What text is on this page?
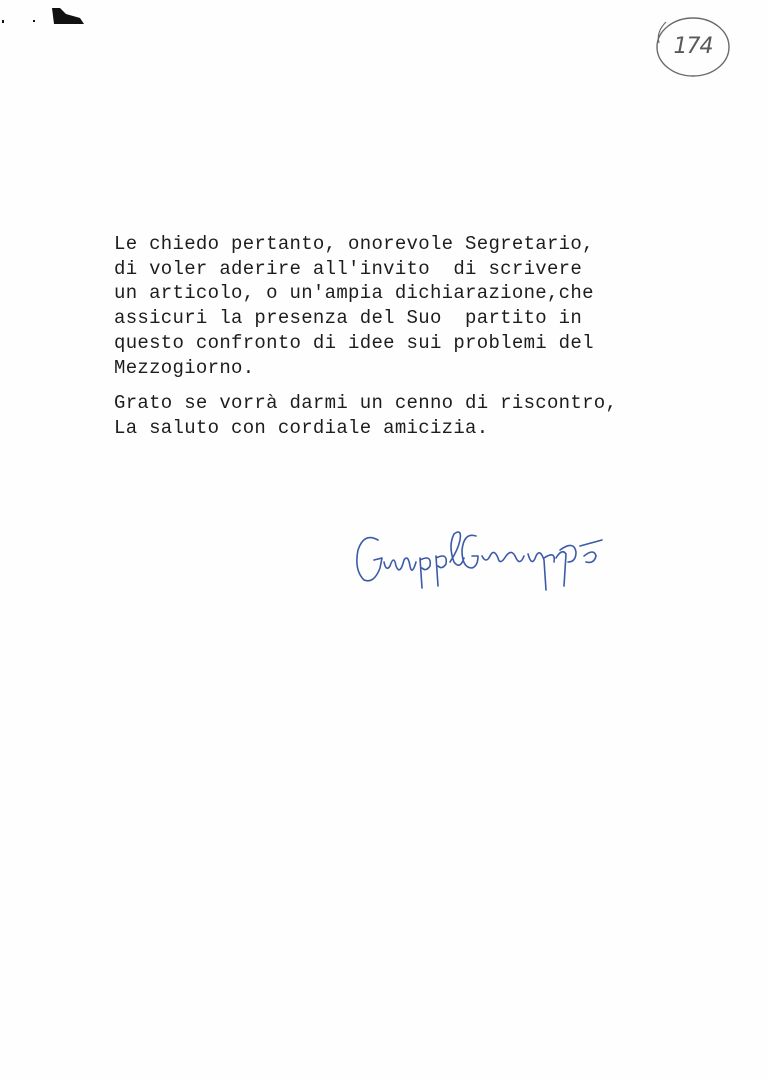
174

Le chiedo pertanto, onorevole Segretario,

di voler aderire all'invito  di scrivere

un articolo, o un'ampia dichiarazione,che

assicuri la presenza del Suo  partito in

questo confronto di idee sui problemi del

Mezzogiorno.

Grato se vorrà darmi un cenno di riscontro,

La saluto con cordiale amicizia.
